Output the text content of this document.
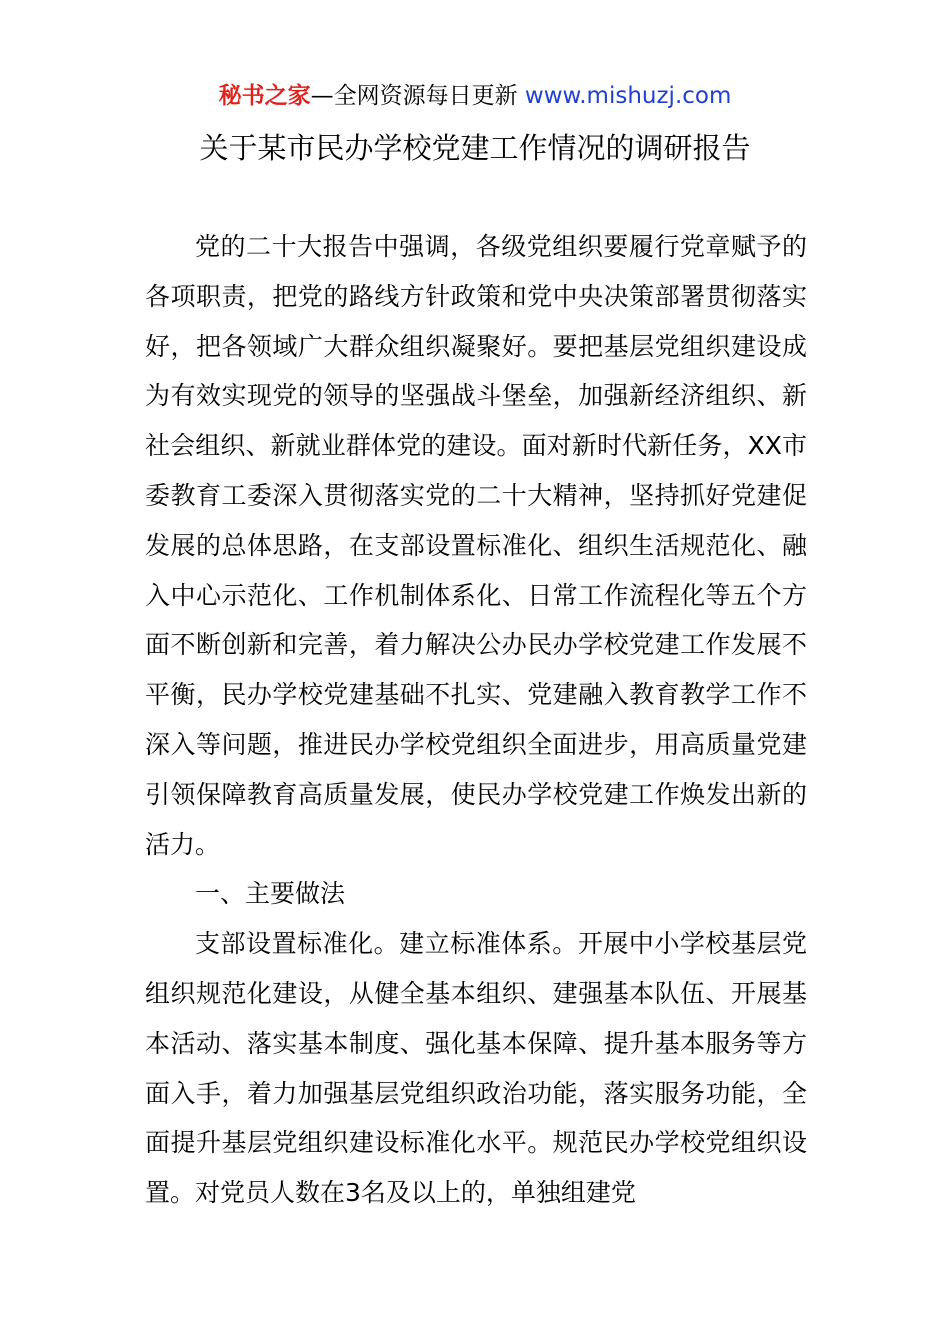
秘书之家—全网资源每日更新 www.mishuzj.com
关于某市民办学校党建工作情况的调研报告

党的二十大报告中强调，各级党组织要履行党章赋予的各项职责，把党的路线方针政策和党中央决策部署贯彻落实好，把各领域广大群众组织凝聚好。要把基层党组织建设成为有效实现党的领导的坚强战斗堡垒，加强新经济组织、新社会组织、新就业群体党的建设。面对新时代新任务，XX市委教育工委深入贯彻落实党的二十大精神，坚持抓好党建促发展的总体思路，在支部设置标准化、组织生活规范化、融入中心示范化、工作机制体系化、日常工作流程化等五个方面不断创新和完善，着力解决公办民办学校党建工作发展不平衡，民办学校党建基础不扎实、党建融入教育教学工作不深入等问题，推进民办学校党组织全面进步，用高质量党建引领保障教育高质量发展，使民办学校党建工作焕发出新的活力。

一、主要做法

支部设置标准化。建立标准体系。开展中小学校基层党组织规范化建设，从健全基本组织、建强基本队伍、开展基本活动、落实基本制度、强化基本保障、提升基本服务等方面入手，着力加强基层党组织政治功能，落实服务功能，全面提升基层党组织建设标准化水平。规范民办学校党组织设置。对党员人数在3名及以上的，单独组建党
